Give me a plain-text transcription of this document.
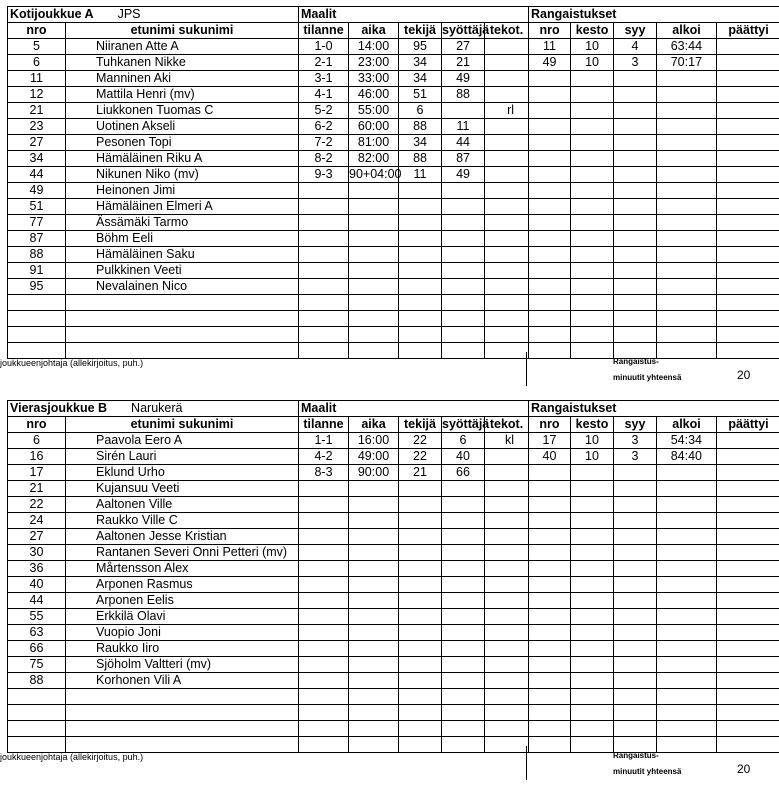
Kotijoukkue A JPS		Maalit					Rangaistukset				
nro	etunimi sukunimi	tilanne	aika	tekijä	syöttäjä	tekot.	nro	kesto	syy	alkoi	päättyi
5	Niiranen Atte A	1-0	14:00	95	27		11	10	4	63:44	
6	Tuhkanen Nikke	2-1	23:00	34	21		49	10	3	70:17	
11	Manninen Aki	3-1	33:00	34	49						
12	Mattila Henri (mv)	4-1	46:00	51	88						
21	Liukkonen Tuomas C	5-2	55:00	6		rl					
23	Uotinen Akseli	6-2	60:00	88	11						
27	Pesonen Topi	7-2	81:00	34	44						
34	Hämäläinen Riku A	8-2	82:00	88	87						
44	Nikunen Niko (mv)	9-3	90+04:00	11	49						
49	Heinonen Jimi										
51	Hämäläinen Elmeri A										
77	Ässämäki Tarmo										
87	Böhm Eeli										
88	Hämäläinen Saku										
91	Pulkkinen Veeti										
95	Nevalainen Nico										

joukkueenjohtaja (allekirjoitus, puh.)	Rangaistus-
minuutit yhteensä	20
Vierasjoukkue B Narukerä		Maalit					Rangaistukset				
nro	etunimi sukunimi	tilanne	aika	tekijä	syöttäjä	tekot.	nro	kesto	syy	alkoi	päättyi
6	Paavola Eero A	1-1	16:00	22	6	kl	17	10	3	54:34	
16	Sirén Lauri	4-2	49:00	22	40		40	10	3	84:40	
17	Eklund Urho	8-3	90:00	21	66						
21	Kujansuu Veeti										
22	Aaltonen Ville										
24	Raukko Ville C										
27	Aaltonen Jesse Kristian										
30	Rantanen Severi Onni Petteri (mv)										
36	Mårtensson Alex										
40	Arponen Rasmus										
44	Arponen Eelis										
55	Erkkilä Olavi										
63	Vuopio Joni										
66	Raukko Iiro										
75	Sjöholm Valtteri (mv)										
88	Korhonen Vili A										

joukkueenjohtaja (allekirjoitus, puh.)	Rangaistus-
minuutit yhteensä	20
